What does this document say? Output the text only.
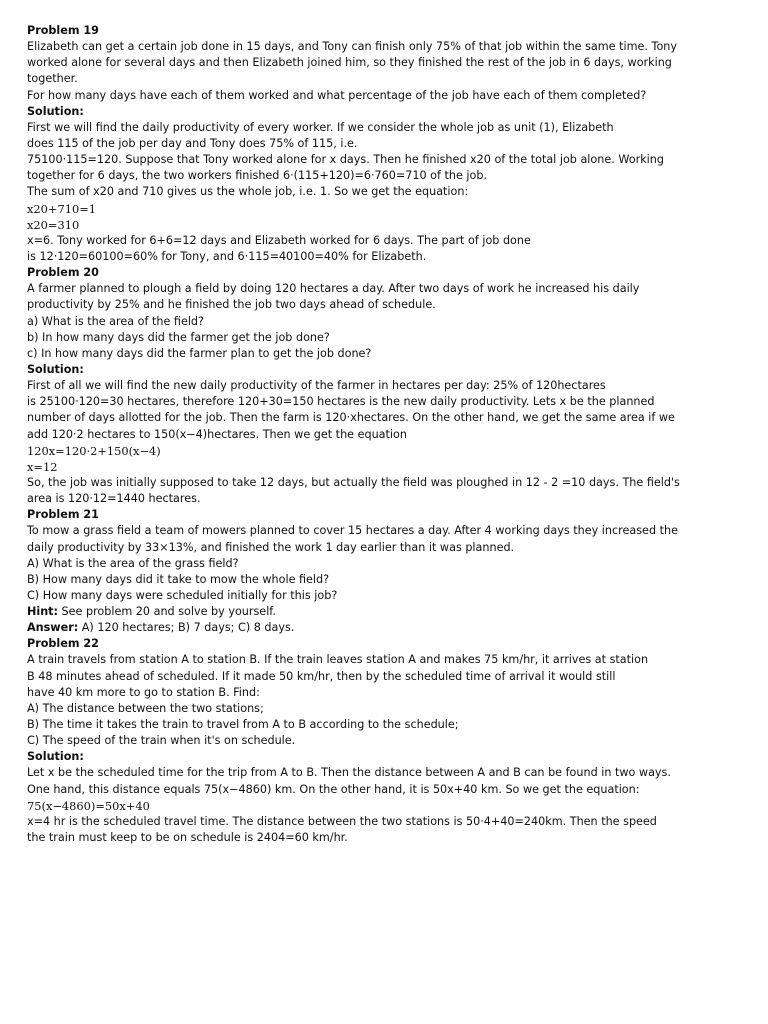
Problem 19
Elizabeth can get a certain job done in 15 days, and Tony can finish only 75% of that job within the same time. Tony
worked alone for several days and then Elizabeth joined him, so they finished the rest of the job in 6 days, working
together.
For how many days have each of them worked and what percentage of the job have each of them completed?
Solution:
First we will find the daily productivity of every worker. If we consider the whole job as unit (1), Elizabeth
does 115 of the job per day and Tony does 75% of 115, i.e.
75100·115=120. Suppose that Tony worked alone for x days. Then he finished x20 of the total job alone. Working
together for 6 days, the two workers finished 6·(115+120)=6·760=710 of the job.
The sum of x20 and 710 gives us the whole job, i.e. 1. So we get the equation:
x20+710=1
x20=310
x=6. Tony worked for 6+6=12 days and Elizabeth worked for 6 days. The part of job done
is 12·120=60100=60% for Tony, and 6·115=40100=40% for Elizabeth.
Problem 20
A farmer planned to plough a field by doing 120 hectares a day. After two days of work he increased his daily
productivity by 25% and he finished the job two days ahead of schedule.
a) What is the area of the field?
b) In how many days did the farmer get the job done?
c) In how many days did the farmer plan to get the job done?
Solution:
First of all we will find the new daily productivity of the farmer in hectares per day: 25% of 120hectares
is 25100·120=30 hectares, therefore 120+30=150 hectares is the new daily productivity. Lets x be the planned
number of days allotted for the job. Then the farm is 120·xhectares. On the other hand, we get the same area if we
add 120·2 hectares to 150(x−4)hectares. Then we get the equation
120x=120·2+150(x−4)
x=12
So, the job was initially supposed to take 12 days, but actually the field was ploughed in 12 - 2 =10 days. The field's
area is 120·12=1440 hectares.
Problem 21
To mow a grass field a team of mowers planned to cover 15 hectares a day. After 4 working days they increased the
daily productivity by 33×13%, and finished the work 1 day earlier than it was planned.
A) What is the area of the grass field?
B) How many days did it take to mow the whole field?
C) How many days were scheduled initially for this job?
Hint: See problem 20 and solve by yourself.
Answer: A) 120 hectares; B) 7 days; C) 8 days.
Problem 22
A train travels from station A to station B. If the train leaves station A and makes 75 km/hr, it arrives at station
B 48 minutes ahead of scheduled. If it made 50 km/hr, then by the scheduled time of arrival it would still
have 40 km more to go to station B. Find:
A) The distance between the two stations;
B) The time it takes the train to travel from A to B according to the schedule;
C) The speed of the train when it's on schedule.
Solution:
Let x be the scheduled time for the trip from A to B. Then the distance between A and B can be found in two ways.
One hand, this distance equals 75(x−4860) km. On the other hand, it is 50x+40 km. So we get the equation:
75(x−4860)=50x+40
x=4 hr is the scheduled travel time. The distance between the two stations is 50·4+40=240km. Then the speed
the train must keep to be on schedule is 2404=60 km/hr.
